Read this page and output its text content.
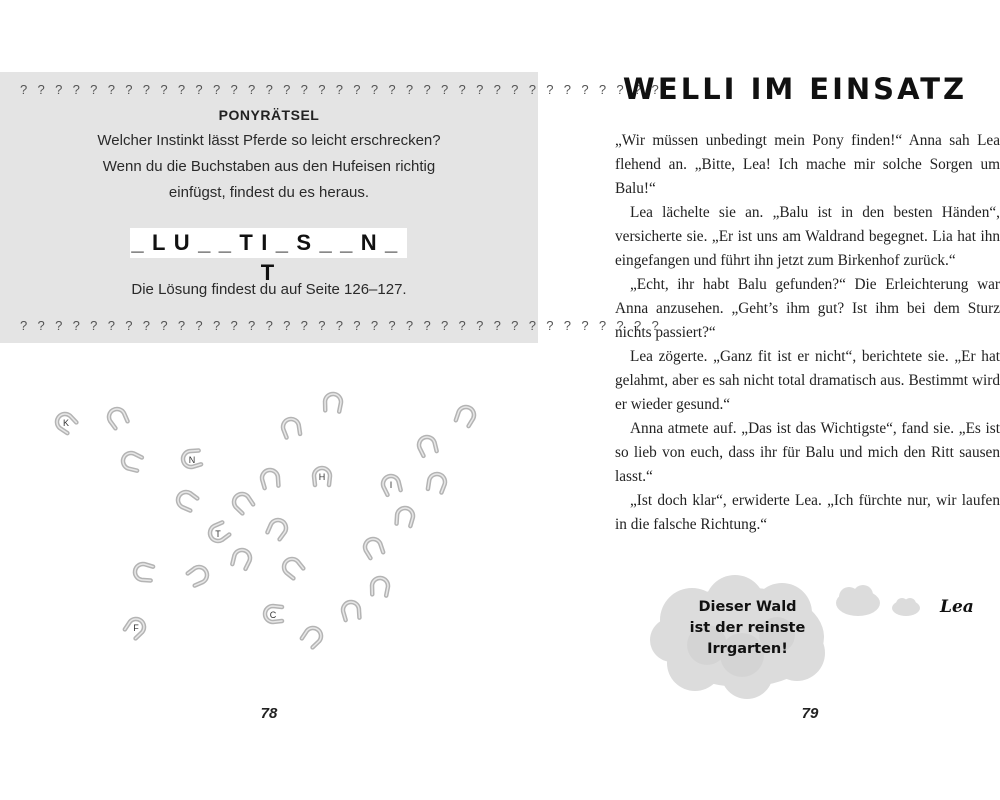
? ? ? ? ? ? ? ? ? ? ? ? ? ? ? ? ? ? ? ? ? ? ? ? ? ? ? ? ? ? ? ? ? ? ? ? ?
PONYRÄTSEL
Welcher Instinkt lässt Pferde so leicht erschrecken?
Wenn du die Buchstaben aus den Hufeisen richtig
einfügst, findest du es heraus.
_ L U _ _ T I _ S _ _ N _ T
Die Lösung findest du auf Seite 126–127.
? ? ? ? ? ? ? ? ? ? ? ? ? ? ? ? ? ? ? ? ? ? ? ? ? ? ? ? ? ? ? ? ? ? ? ? ?
K
N
H
I
T
C
F
78
WELLI IM EINSATZ

„Wir müssen unbedingt mein Pony finden!“ Anna sah Lea flehend an. „Bitte, Lea! Ich mache mir solche Sorgen um Balu!“

Lea lächelte sie an. „Balu ist in den besten Händen“, versicherte sie. „Er ist uns am Waldrand begegnet. Lia hat ihn eingefangen und führt ihn jetzt zum Birkenhof zurück.“

„Echt, ihr habt Balu gefunden?“ Die Erleichterung war Anna anzusehen. „Geht’s ihm gut? Ist ihm bei dem Sturz nichts passiert?“

Lea zögerte. „Ganz fit ist er nicht“, berichtete sie. „Er hat gelahmt, aber es sah nicht total dramatisch aus. Bestimmt wird er wieder gesund.“

Anna atmete auf. „Das ist das Wichtigste“, fand sie. „Es ist so lieb von euch, dass ihr für Balu und mich den Ritt sausen lasst.“

„Ist doch klar“, erwiderte Lea. „Ich fürchte nur, wir laufen in die falsche Richtung.“

Dieser Wald
ist der reinste
Irrgarten!
Lea
79
